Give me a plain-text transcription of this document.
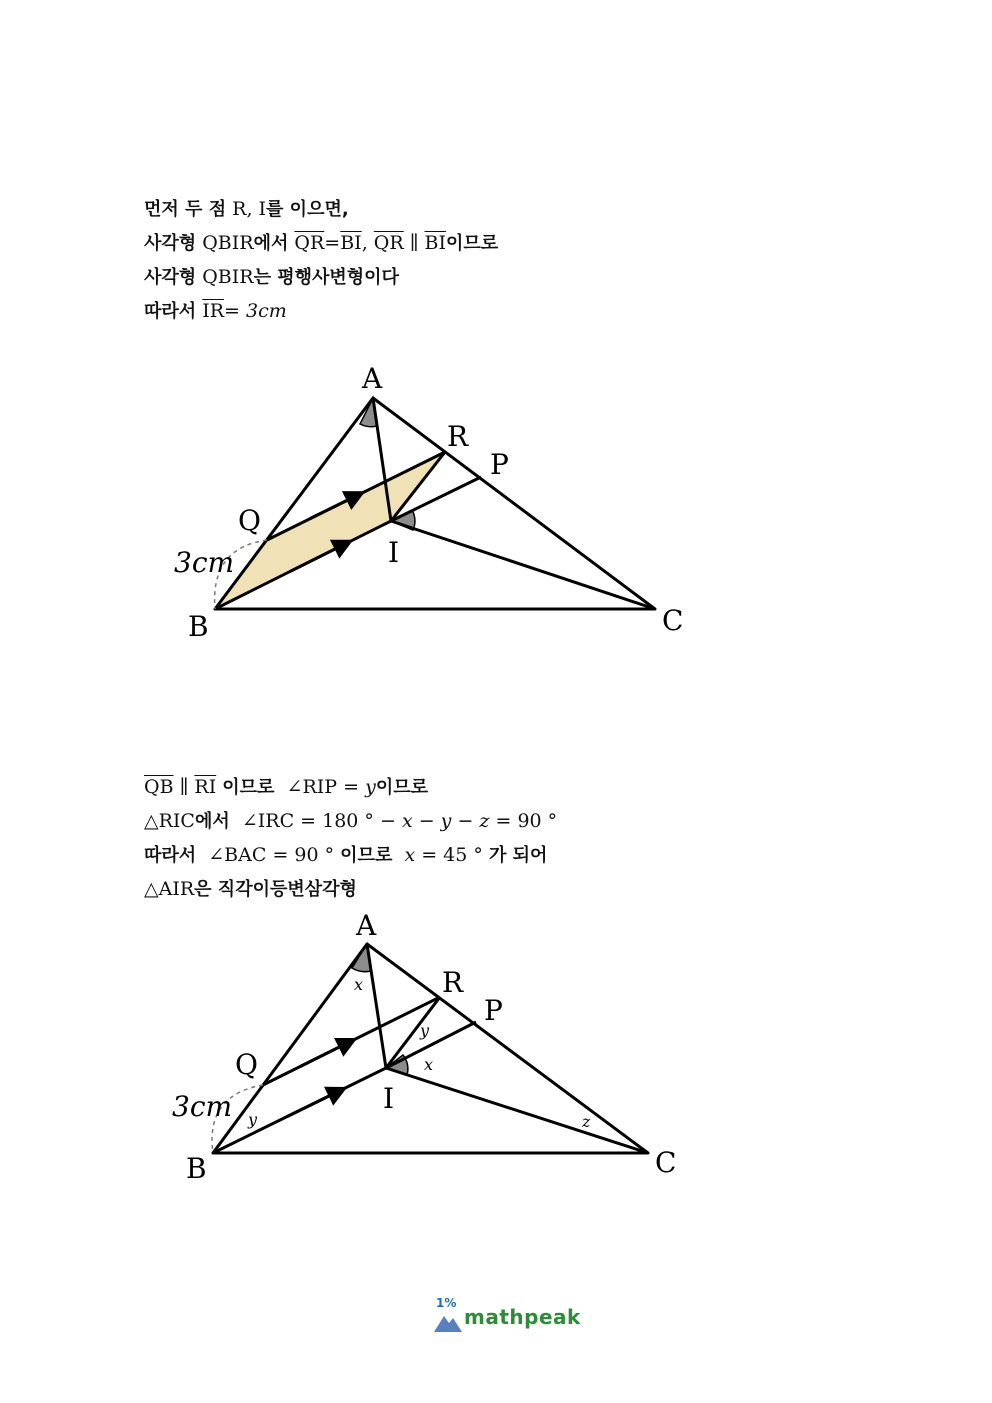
먼저 두 점 R, I를 이으면,
사각형 QBIR에서 $\overline{QR}=\overline{BI}$, $\overline{QR}$ ∥ $\overline{BI}$이므로
사각형 QBIR는 평행사변형이다
따라서 $\overline{IR}= 3cm$
A
R
P
Q
I
B	C
3cm
$\overline{QB}$ ∥ $\overline{RI}$ 이므로 ∠RIP = y이므로
△RIC에서 ∠IRC = 180 ° − x − y − z = 90 °
따라서 ∠BAC = 90 ° 이므로 x = 45 ° 가 되어
△AIR은 직각이등변삼각형
A
R
P
Q
I
B	C
3cm
x
y
x
y	z
1%
mathpeak
